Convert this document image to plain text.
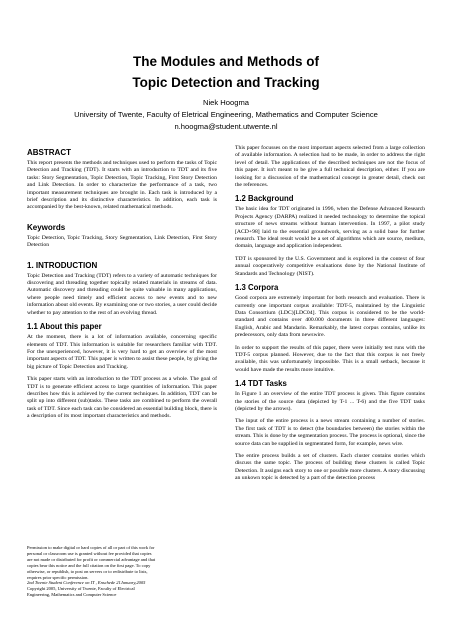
The Modules and Methods of
Topic Detection and Tracking
Niek Hoogma
University of Twente, Faculty of Eletrical Engineering, Mathematics and Computer Science
n.hoogma@student.utwente.nl
ABSTRACT

This report presents the methods and techniques used to perform the tasks of Topic Detection and Tracking (TDT). It starts with an introduction to TDT and its five tasks: Story Segmentation, Topic Detection, Topic Tracking, First Story Detection and Link Detection. In order to characterize the performance of a task, two important measurement techniques are brought in. Each task is introduced by a brief description and its distinctive characteristics. In addition, each task is accompanied by the best-known, related mathematical methods.

Keywords

Topic Detection, Topic Tracking, Story Segmentation, Link Detection, First Story Detection

1. INTRODUCTION

Topic Detection and Tracking (TDT) refers to a variety of automatic techniques for discovering and threading together topically related materials in streams of data. Automatic discovery and threading could be quite valuable in many applications, where people need timely and efficient access to new events and to new information about old events. By examining one or two stories, a user could decide whether to pay attention to the rest of an evolving thread.

1.1 About this paper

At the moment, there is a lot of information available, concerning specific elements of TDT. This information is suitable for researchers familiar with TDT. For the unexperienced, however, it is very hard to get an overview of the most important aspects of TDT. This paper is written to assist these people, by giving the big picture of Topic Detection and Tracking.

This paper starts with an introduction to the TDT process as a whole. The goal of TDT is to generate efficient access to large quantities of information. This paper describes how this is achieved by the current techniques. In addition, TDT can be split up into different (sub)tasks. These tasks are combined to perform the overall task of TDT. Since each task can be considered an essential building block, there is a description of its most important characteristics and methods.

Permission to make digital or hard copies of all or part of this work for

personal or classroom use is granted without fee provided that copies

are not made or distributed for profit or commercial advantage and that

copies bear this notice and the full citation on the first page. To copy

otherwise, or republish, to post on servers or to redistribute to lists,

requires prior specific permission.

2nd Twente Student Conference on IT , Enschede 21January,2005

Copyright 2005, University of Twente, Faculty of Electrical

Engineering, Mathematics and Computer Science

This paper focusses on the most important aspects selected from a large collection of available information. A selection had to be made, in order to address the right level of detail. The applications of the described techniques are not the focus of this paper. It isn't meant to be give a full technical description, either. If you are looking for a discussion of the mathematical concept in greater detail, check out the references.

1.2 Background

The basic idea for TDT originated in 1996, when the Defense Advanced Research Projects Agency (DARPA) realized it needed technology to determine the topical structure of news streams without human intervention. In 1997, a pilot study [ACD+98] laid to the essential groundwork, serving as a solid base for further research. The ideal result would be a set of algorithms which are source, medium, domain, language and application independent.

TDT is sponsored by the U.S. Government and is explored in the context of four annual cooperatively competitive evaluations done by the National Institute of Standards and Technology (NIST).

1.3 Corpora

Good corpora are extremely important for both research and evaluation. There is currently one important corpus available: TDT-5, maintained by the Linguistic Data Consortium (LDC)[LDC04]. This corpus is considered to be the world-standard and contains over 400.000 documents in three different languages: English, Arabic and Mandarin. Remarkably, the latest corpus contains, unlike its predecessors, only data from newswire.

In order to support the results of this paper, there were initially test runs with the TDT-5 corpus planned. However, due to the fact that this corpus is not freely available, this was unfortunately impossible. This is a small setback, because it would have made the results more intuitive.

1.4 TDT Tasks

In Figure 1 an overview of the entire TDT process is given. This figure contains the stories of the source data (depicted by T-1 ... T-6) and the five TDT tasks (depicted by the arrows).

The input of the entire process is a news stream containing a number of stories. The first task of TDT is to detect (the boundaries between) the stories within the stream. This is done by the segmentation process. The process is optional, since the source data can be supplied in segmentated form, for example, news wire.

The entire process builds a set of clusters. Each cluster contains stories which discuss the same topic. The process of building these clusters is called Topic Detection. It assigns each story to one or possible more clusters. A story discussing an unkown topic is detected by a part of the detection process
